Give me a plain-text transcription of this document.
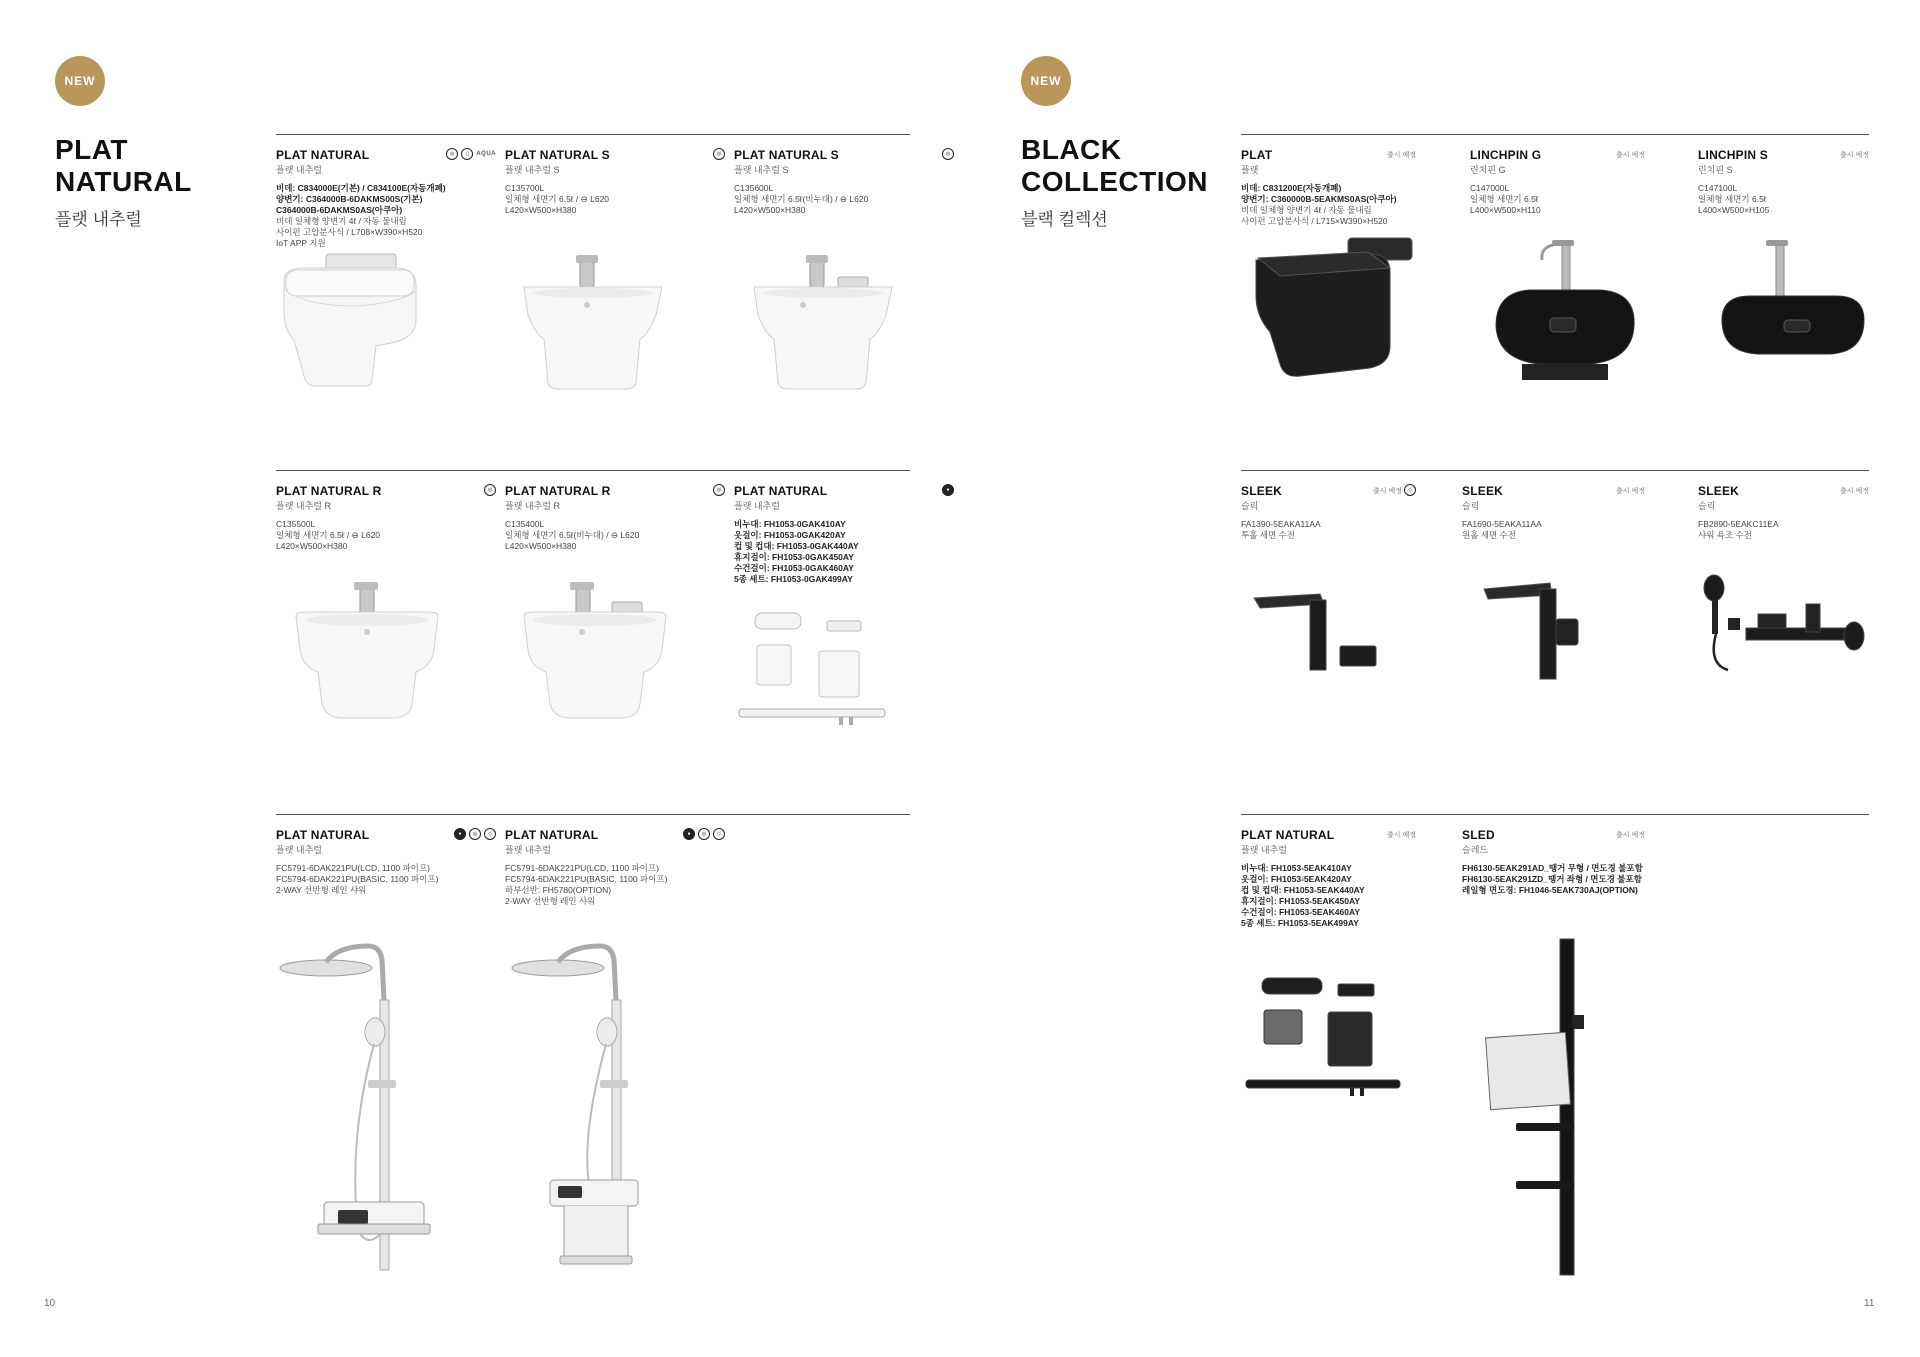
NEW
PLAT
NATURAL
플랫 내추럴
◎	▯	AQUA
PLAT NATURAL
플랫 내추럴
비데: C834000E(기본) / C834100E(자동개폐)
양변기: C364000B-6DAKMS00S(기본)
C364000B-6DAKMS0AS(아쿠아)
비데 일체형 양변기 4ℓ / 자동 물내림
사이펀 고압분사식 / L708×W390×H520
IoT APP 지원
◎
PLAT NATURAL S
플랫 내추럴 S
C135700L
일체형 세면기 6.5ℓ / ⊖ L620
L420×W500×H380
◎
PLAT NATURAL S
플랫 내추럴 S
C135600L
일체형 세면기 6.5ℓ(비누대) / ⊖ L620
L420×W500×H380
◎
PLAT NATURAL R
플랫 내추럴 R
C135500L
일체형 세면기 6.5ℓ / ⊖ L620
L420×W500×H380
◎
PLAT NATURAL R
플랫 내추럴 R
C135400L
일체형 세면기 6.5ℓ(비누대) / ⊖ L620
L420×W500×H380
●
PLAT NATURAL
플랫 내추럴
비누대: FH1053-0GAK410AY
옷걸이: FH1053-0GAK420AY
컵 및 컵대: FH1053-0GAK440AY
휴지걸이: FH1053-0GAK450AY
수건걸이: FH1053-0GAK460AY
5종 세트: FH1053-0GAK499AY
●	◎	◇
PLAT NATURAL
플랫 내추럴
FC5791-6DAK221PU(LCD, 1100 파이프)
FC5794-6DAK221PU(BASIC, 1100 파이프)
2-WAY 선반형 레인 샤워
●	◎	◇
PLAT NATURAL
플랫 내추럴
FC5791-6DAK221PU(LCD, 1100 파이프)
FC5794-6DAK221PU(BASIC, 1100 파이프)
하부선반: FH5780(OPTION)
2-WAY 선반형 레인 샤워
10
NEW
BLACK
COLLECTION
블랙 컬렉션
출시 예정
PLAT
플랫
비데: C831200E(자동개폐)
양변기: C360000B-5EAKMS0AS(아쿠아)
비데 일체형 양변기 4ℓ / 자동 물내림
사이펀 고압분사식 / L715×W390×H520
출시 예정
LINCHPIN G
린치핀 G
C147000L
일체형 세면기 6.5ℓ
L400×W500×H110
출시 예정
LINCHPIN S
린치핀 S
C147100L
일체형 세면기 6.5ℓ
L400×W500×H105
출시 예정	◇
SLEEK
슬릭
FA1390-5EAKA11AA
투홀 세면 수전
출시 예정
SLEEK
슬릭
FA1690-5EAKA11AA
원홀 세면 수전
출시 예정
SLEEK
슬릭
FB2890-5EAKC11EA
샤워 욕조 수전
출시 예정
PLAT NATURAL
플랫 내추럴
비누대: FH1053-5EAK410AY
옷걸이: FH1053-5EAK420AY
컵 및 컵대: FH1053-5EAK440AY
휴지걸이: FH1053-5EAK450AY
수건걸이: FH1053-5EAK460AY
5종 세트: FH1053-5EAK499AY
출시 예정
SLED
슬레드
FH6130-5EAK291AD_땡거 무형 / 면도경 불포함
FH6130-5EAK291ZD_땡거 좌형 / 면도경 불포함
레일형 면도경: FH1046-5EAK730AJ(OPTION)
11
